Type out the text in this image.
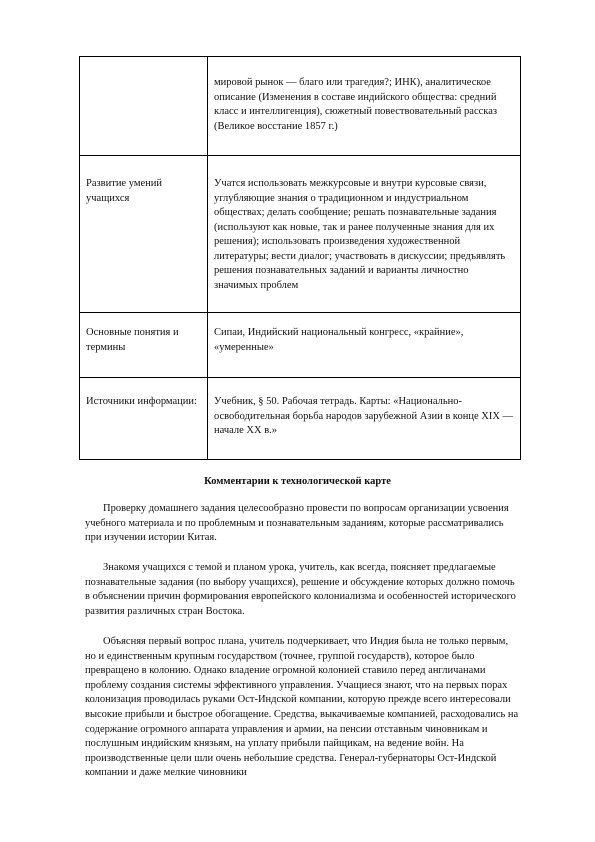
	мировой рынок — благо или трагедия?; ИНК), аналитическое описание (Изменения в составе индийского общества: средний класс и интеллигенция), сюжетный повествовательный рассказ (Великое восстание 1857 г.)
Развитие умений учащихся	Учатся использовать межкурсовые и внутри курсовые связи, углубляющие знания о традиционном и индустриальном обществах; делать сообщение; решать познавательные задания (используют как новые, так и ранее полученные знания для их решения); использовать произведения художественной литературы; вести диалог; участвовать в дискуссии; предъявлять решения познавательных заданий и варианты личностно значимых проблем
Основные понятия и термины	Сипаи, Индийский национальный конгресс, «крайние», «умеренные»
Источники информации:	Учебник, § 50. Рабочая тетрадь. Карты: «Национально-освободительная борьба народов зарубежной Азии в конце XIX — начале XX в.»
Комментарии к технологической карте

Проверку домашнего задания целесообразно провести по вопросам организации усвоения учебного материала и по проблемным и познавательным заданиям, которые рассматривались при изучении истории Китая.

Знакомя учащихся с темой и планом урока, учитель, как всегда, поясняет предлагаемые познавательные задания (по выбору учащихся), решение и обсуждение которых должно помочь в объяснении причин формирования европейского колониализма и особенностей исторического развития различных стран Востока.

Объясняя первый вопрос плана, учитель подчеркивает, что Индия была не только первым, но и единственным крупным государством (точнее, группой государств), которое было превращено в колонию. Однако владение огромной колонией ставило перед англичанами проблему создания системы эффективного управления. Учащиеся знают, что на первых порах колонизация проводилась руками Ост-Индской компании, которую прежде всего интересовали высокие прибыли и быстрое обогащение. Средства, выкачиваемые компанией, расходовались на содержание огромного аппарата управления и армии, на пенсии отставным чиновникам и послушным индийским князьям, на уплату прибыли пайщикам, на ведение войн. На производственные цели шли очень небольшие средства. Генерал-губернаторы Ост-Индской компании и даже мелкие чиновники
